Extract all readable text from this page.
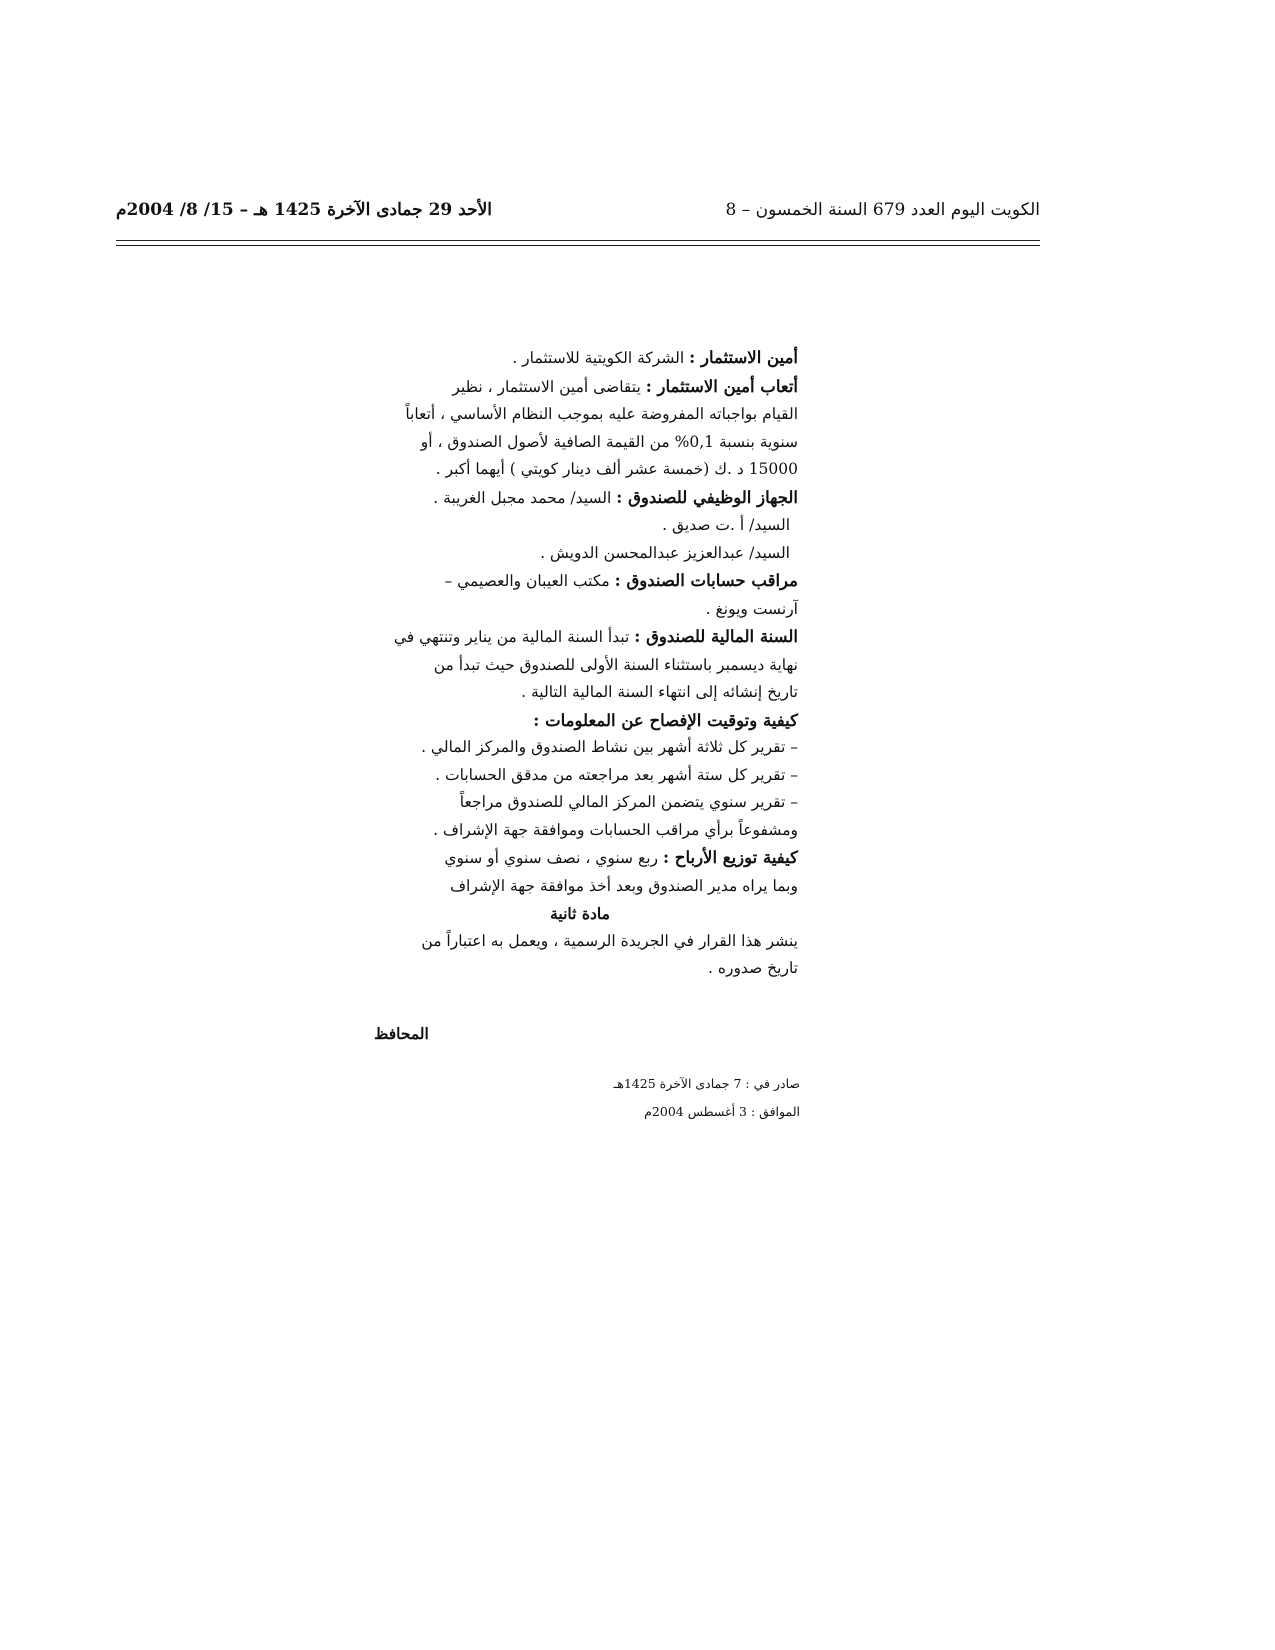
الكويت اليوم العدد 679 السنة الخمسون – 8
الأحد 29 جمادى الآخرة 1425 هـ – 15/ 8/ 2004م
أمين الاستثمار : الشركة الكويتية للاستثمار .
أتعاب أمين الاستثمار : يتقاضى أمين الاستثمار ، نظير
القيام بواجباته المفروضة عليه بموجب النظام الأساسي ، أتعاباً
سنوية بنسبة 0,1% من القيمة الصافية لأصول الصندوق ، أو
15000 د .ك (خمسة عشر ألف دينار كويتي ) أيهما أكبر .
الجهاز الوظيفي للصندوق : السيد/ محمد مجبل الغريبة .
السيد/ أ .ت صديق .
السيد/ عبدالعزيز عبدالمحسن الدويش .
مراقب حسابات الصندوق : مكتب العيبان والعصيمي –
آرنست ويونغ .
السنة المالية للصندوق : تبدأ السنة المالية من يناير وتنتهي في
نهاية ديسمبر باستثناء السنة الأولى للصندوق حيث تبدأ من
تاريخ إنشائه إلى انتهاء السنة المالية التالية .
كيفية وتوقيت الإفصاح عن المعلومات :
– تقرير كل ثلاثة أشهر بين نشاط الصندوق والمركز المالي .
– تقرير كل ستة أشهر بعد مراجعته من مدقق الحسابات .
– تقرير سنوي يتضمن المركز المالي للصندوق مراجعاً
ومشفوعاً برأي مراقب الحسابات وموافقة جهة الإشراف .
كيفية توزيع الأرباح : ربع سنوي ، نصف سنوي أو سنوي
وبما يراه مدير الصندوق وبعد أخذ موافقة جهة الإشراف
مادة ثانية
ينشر هذا القرار في الجريدة الرسمية ، ويعمل به اعتباراً من
تاريخ صدوره .
المحافظ
صادر في : 7 جمادى الآخرة 1425هـ
الموافق : 3 أغسطس 2004م
